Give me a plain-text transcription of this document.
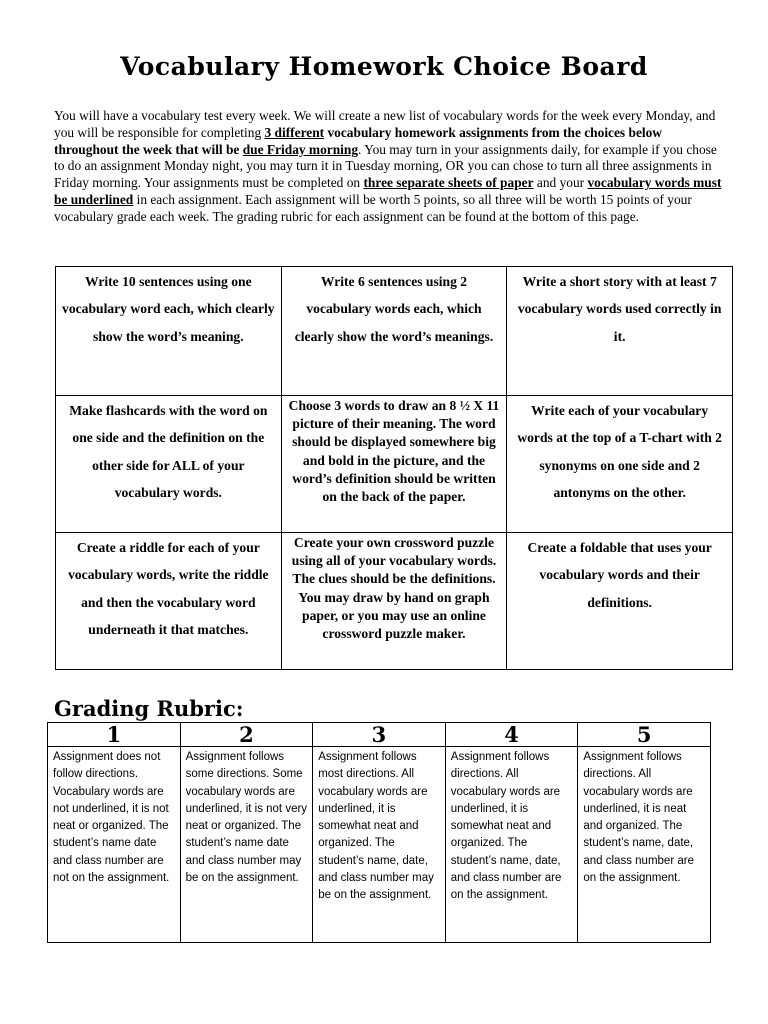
Vocabulary Homework Choice Board
You will have a vocabulary test every week. We will create a new list of vocabulary words for the week every Monday, and you will be responsible for completing 3 different vocabulary homework assignments from the choices below throughout the week that will be due Friday morning. You may turn in your assignments daily, for example if you chose to do an assignment Monday night, you may turn it in Tuesday morning, OR you can chose to turn all three assignments in Friday morning. Your assignments must be completed on three separate sheets of paper and your vocabulary words must be underlined in each assignment. Each assignment will be worth 5 points, so all three will be worth 15 points of your vocabulary grade each week. The grading rubric for each assignment can be found at the bottom of this page.
Write 10 sentences using one vocabulary word each, which clearly show the word’s meaning.	Write 6 sentences using 2 vocabulary words each, which clearly show the word’s meanings.	Write a short story with at least 7 vocabulary words used correctly in it.
Make flashcards with the word on one side and the definition on the other side for ALL of your vocabulary words.	Choose 3 words to draw an 8 ½ X 11 picture of their meaning. The word should be displayed somewhere big and bold in the picture, and the word’s definition should be written on the back of the paper.	Write each of your vocabulary words at the top of a T-chart with 2 synonyms on one side and 2 antonyms on the other.
Create a riddle for each of your vocabulary words, write the riddle and then the vocabulary word underneath it that matches.	Create your own crossword puzzle using all of your vocabulary words. The clues should be the definitions. You may draw by hand on graph paper, or you may use an online crossword puzzle maker.	Create a foldable that uses your vocabulary words and their definitions.
Grading Rubric:
1	2	3	4	5
Assignment does not follow directions. Vocabulary words are not underlined, it is not neat or organized. The student’s name date and class number are not on the assignment.	Assignment follows some directions. Some vocabulary words are underlined, it is not very neat or organized. The student’s name date and class number may be on the assignment.	Assignment follows most directions. All vocabulary words are underlined, it is somewhat neat and organized. The student’s name, date, and class number may be on the assignment.	Assignment follows directions. All vocabulary words are underlined, it is somewhat neat and organized. The student’s name, date, and class number are on the assignment.	Assignment follows directions. All vocabulary words are underlined, it is neat and organized. The student’s name, date, and class number are on the assignment.
